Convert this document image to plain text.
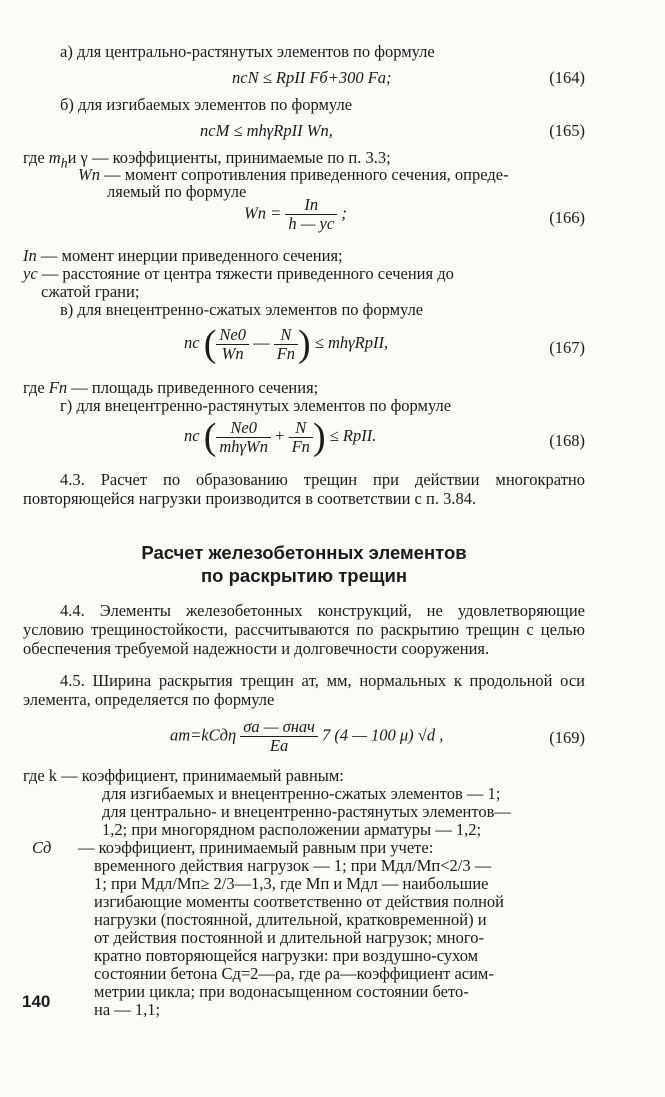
а) для центрально-растянутых элементов по формуле
nсN ≤ RрII Fб+300 Fа;	(164)
б) для изгибаемых элементов по формуле
nсM ≤ mhγRрII Wп,	(165)
где $m_hи$ γ — коэффициенты, принимаемые по п. 3.3;
Wп — момент сопротивления приведенного сечения, опреде-
ляемый по формуле
Wп = $\frac{Iп}{h — yс}$ ;	(166)
Iп — момент инерции приведенного сечения;
yс — расстояние от центра тяжести приведенного сечения до
сжатой грани;
в) для внецентренно-сжатых элементов по формуле
nс ( $\frac{Ne0}{Wп}$ — $\frac{N}{Fп}$ ) ≤ mhγRрII,	(167)
где Fп — площадь приведенного сечения;
г) для внецентренно-растянутых элементов по формуле
nс ( $\frac{Ne0}{\text{mhγWп}} + \frac{N}{Fп}$ ) ≤ RрII.	(168)
4.3. Расчет по образованию трещин при действии многократно повторяющейся нагрузки производится в соответствии с п. 3.84.
Расчет железобетонных элементов
по раскрытию трещин
4.4. Элементы железобетонных конструкций, не удовлетворяющие условию трещиностойкости, рассчитываются по раскрытию трещин с целью обеспечения требуемой надежности и долговечности сооружения.
4.5. Ширина раскрытия трещин aт, мм, нормальных к продольной оси элемента, определяется по формуле
$aт=kCд\eta \frac{\text{σа — σнач}}{Eа} 7$ (4 — 100 μ) √d ,	(169)
где k — коэффициент, принимаемый равным:
для изгибаемых и внецентренно-сжатых элементов — 1;
для центрально- и внецентренно-растянутых элементов—
1,2; при многорядном расположении арматуры — 1,2;
Cд — коэффициент, принимаемый равным при учете:
временного действия нагрузок — 1; при Mдл/Mп<2/3 —
1; при Mдл/Mп≥ 2/3—1,3, где Mп и Mдл — наибольшие
изгибающие моменты соответственно от действия полной
нагрузки (постоянной, длительной, кратковременной) и
от действия постоянной и длительной нагрузок; много-
кратно повторяющейся нагрузки: при воздушно-сухом
состоянии бетона Cд=2—ρa, где ρa—коэффициент асим-
метрии цикла; при водонасыщенном состоянии бето-
на — 1,1;
140
